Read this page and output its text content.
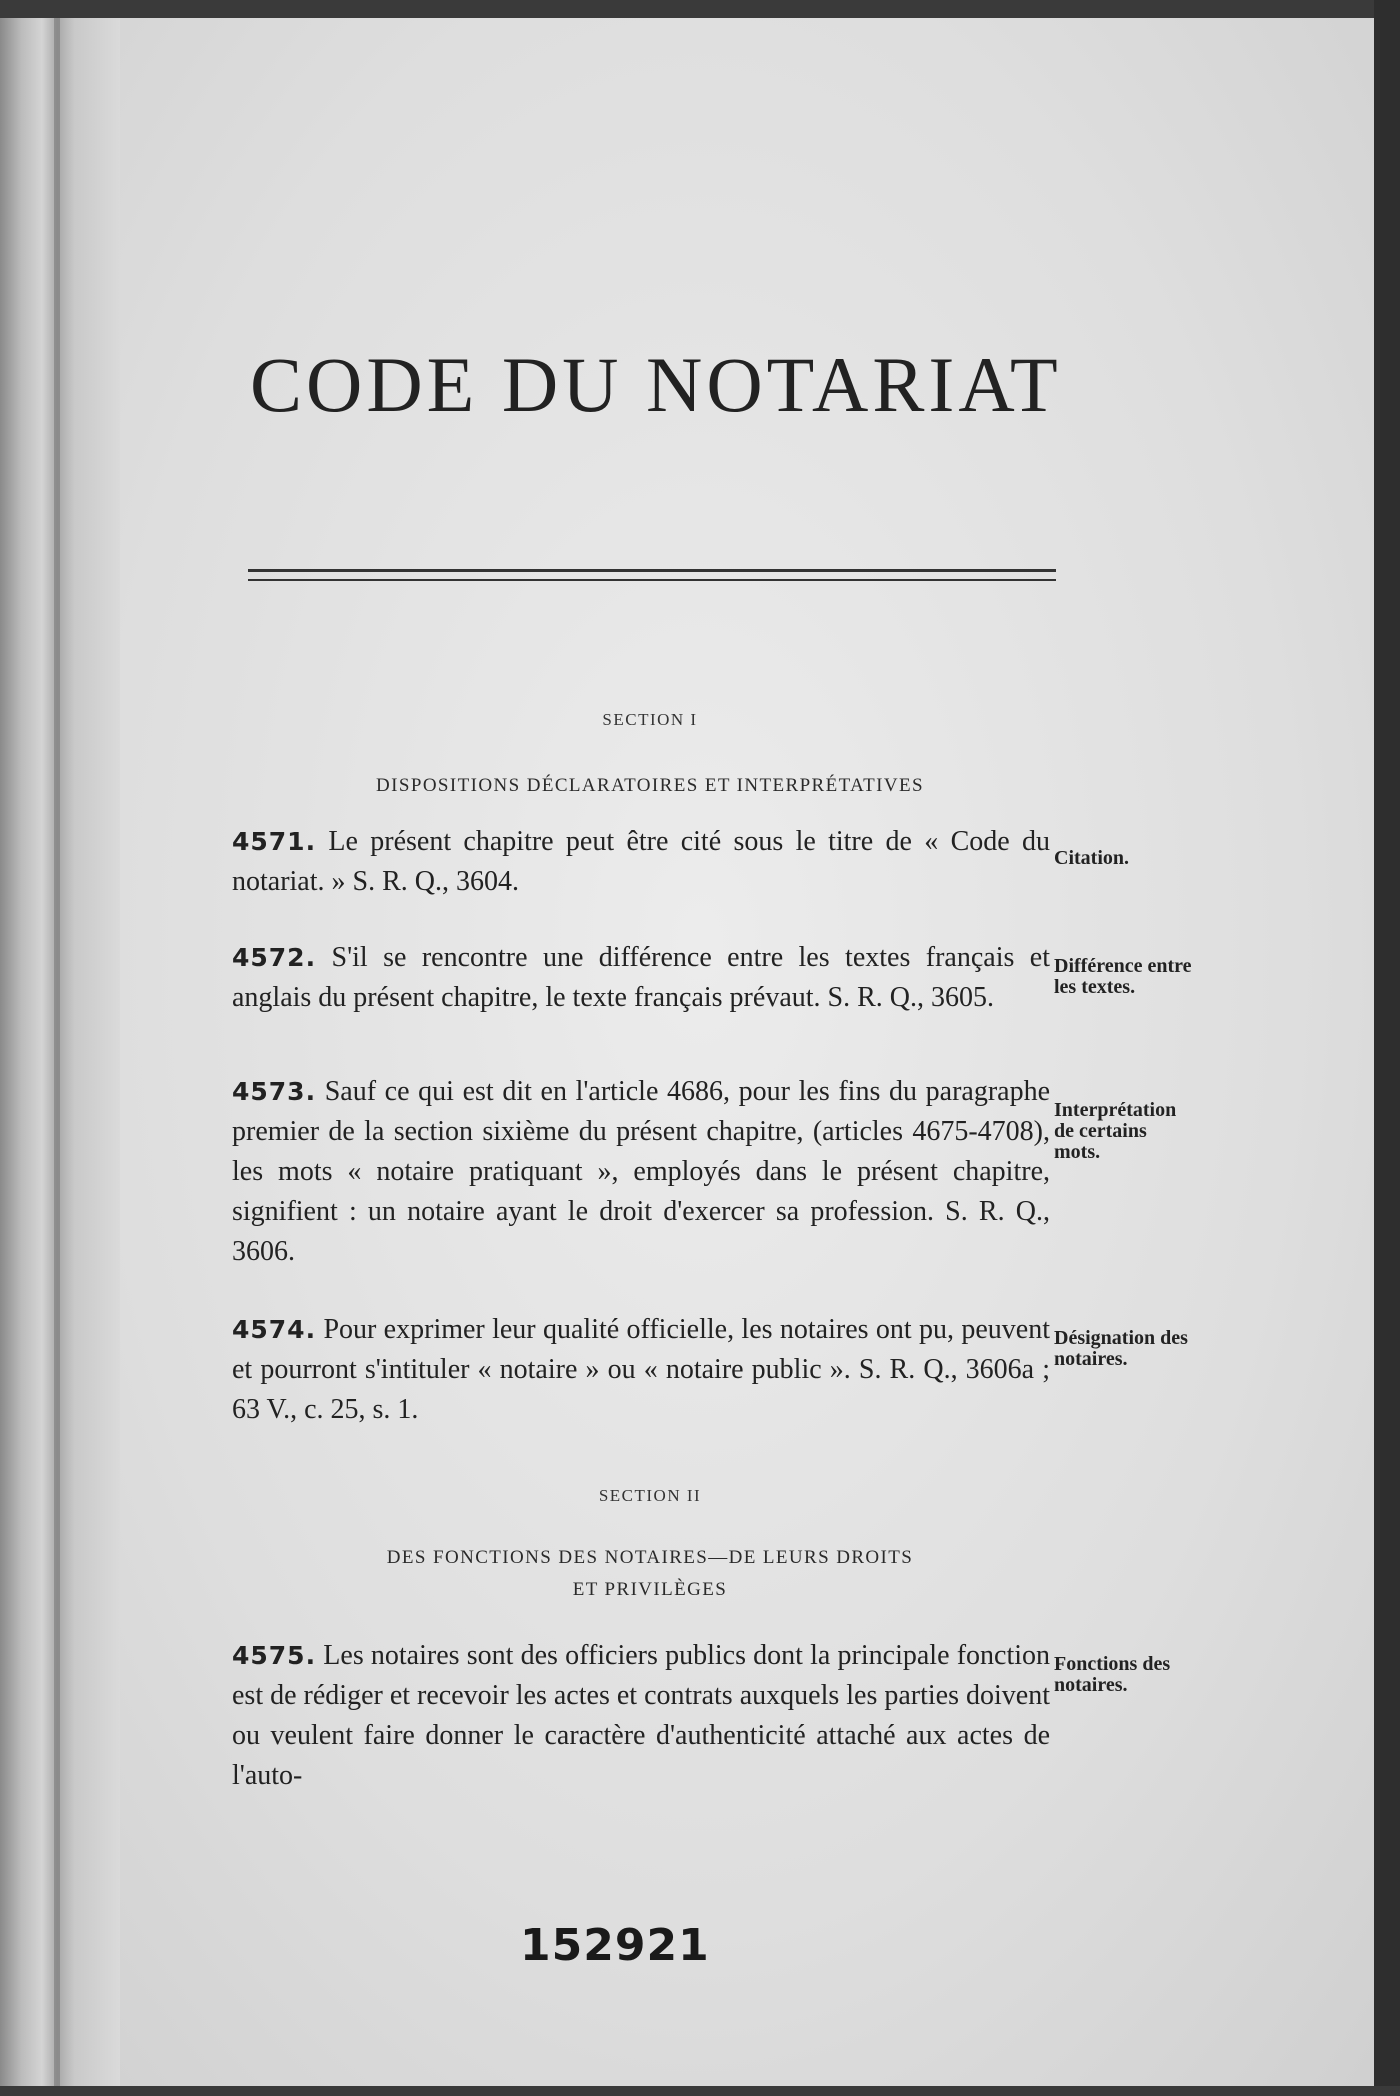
CODE DU NOTARIAT
SECTION I
DISPOSITIONS DÉCLARATOIRES ET INTERPRÉTATIVES
4571. Le présent chapitre peut être cité sous le titre de « Code du notariat. » S. R. Q., 3604.
Citation.
4572. S'il se rencontre une différence entre les textes français et anglais du présent chapitre, le texte français prévaut. S. R. Q., 3605.
Différence entre les textes.
4573. Sauf ce qui est dit en l'article 4686, pour les fins du paragraphe premier de la section sixième du présent chapitre, (articles 4675-4708), les mots « notaire pratiquant », employés dans le présent chapitre, signifient : un notaire ayant le droit d'exercer sa profession. S. R. Q., 3606.
Interprétation de certains mots.
4574. Pour exprimer leur qualité officielle, les notaires ont pu, peuvent et pourront s'intituler « notaire » ou « notaire public ». S. R. Q., 3606a ; 63 V., c. 25, s. 1.
Désignation des notaires.
SECTION II
DES FONCTIONS DES NOTAIRES—DE LEURS DROITS
ET PRIVILÈGES
4575. Les notaires sont des officiers publics dont la principale fonction est de rédiger et recevoir les actes et contrats auxquels les parties doivent ou veulent faire donner le caractère d'authenticité attaché aux actes de l'auto-
Fonctions des notaires.
152921
